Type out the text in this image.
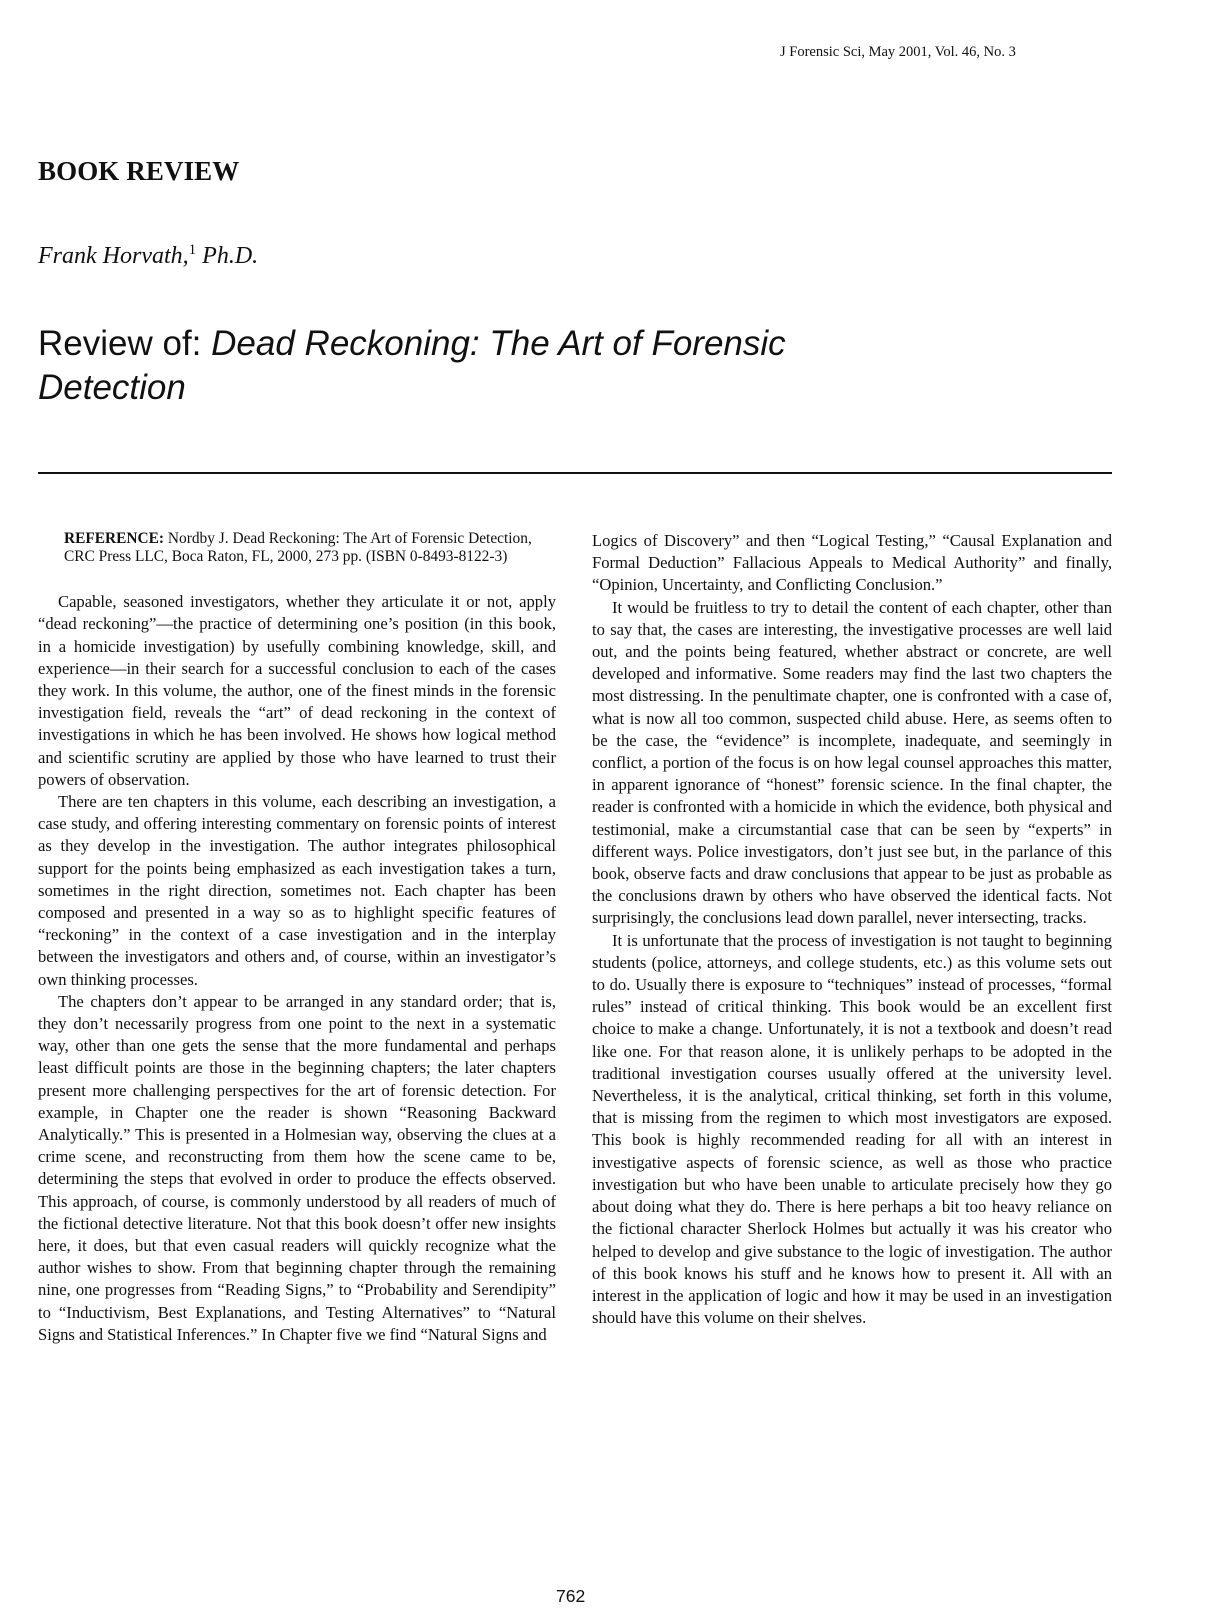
J Forensic Sci, May 2001, Vol. 46, No. 3
BOOK REVIEW

Frank Horvath,$^1$ Ph.D.

Review of: Dead Reckoning: The Art of Forensic
Detection

REFERENCE: Nordby J. Dead Reckoning: The Art of Forensic Detection, CRC Press LLC, Boca Raton, FL, 2000, 273 pp. (ISBN 0-8493-8122-3)

Capable, seasoned investigators, whether they articulate it or not, apply “dead reckoning”—the practice of determining one’s position (in this book, in a homicide investigation) by usefully combining knowledge, skill, and experience—in their search for a successful conclusion to each of the cases they work. In this volume, the author, one of the finest minds in the forensic investigation field, reveals the “art” of dead reckoning in the context of investigations in which he has been involved. He shows how logical method and scientific scrutiny are applied by those who have learned to trust their powers of observation.

There are ten chapters in this volume, each describing an investigation, a case study, and offering interesting commentary on forensic points of interest as they develop in the investigation. The author integrates philosophical support for the points being emphasized as each investigation takes a turn, sometimes in the right direction, sometimes not. Each chapter has been composed and presented in a way so as to highlight specific features of “reckoning” in the context of a case investigation and in the interplay between the investigators and others and, of course, within an investigator’s own thinking processes.

The chapters don’t appear to be arranged in any standard order; that is, they don’t necessarily progress from one point to the next in a systematic way, other than one gets the sense that the more fundamental and perhaps least difficult points are those in the beginning chapters; the later chapters present more challenging perspectives for the art of forensic detection. For example, in Chapter one the reader is shown “Reasoning Backward Analytically.” This is presented in a Holmesian way, observing the clues at a crime scene, and reconstructing from them how the scene came to be, determining the steps that evolved in order to produce the effects observed. This approach, of course, is commonly understood by all readers of much of the fictional detective literature. Not that this book doesn’t offer new insights here, it does, but that even casual readers will quickly recognize what the author wishes to show. From that beginning chapter through the remaining nine, one progresses from “Reading Signs,” to “Probability and Serendipity” to “Inductivism, Best Explanations, and Testing Alternatives” to “Natural Signs and Statistical Inferences.” In Chapter five we find “Natural Signs and

Logics of Discovery” and then “Logical Testing,” “Causal Explanation and Formal Deduction” Fallacious Appeals to Medical Authority” and finally, “Opinion, Uncertainty, and Conflicting Conclusion.”

It would be fruitless to try to detail the content of each chapter, other than to say that, the cases are interesting, the investigative processes are well laid out, and the points being featured, whether abstract or concrete, are well developed and informative. Some readers may find the last two chapters the most distressing. In the penultimate chapter, one is confronted with a case of, what is now all too common, suspected child abuse. Here, as seems often to be the case, the “evidence” is incomplete, inadequate, and seemingly in conflict, a portion of the focus is on how legal counsel approaches this matter, in apparent ignorance of “honest” forensic science. In the final chapter, the reader is confronted with a homicide in which the evidence, both physical and testimonial, make a circumstantial case that can be seen by “experts” in different ways. Police investigators, don’t just see but, in the parlance of this book, observe facts and draw conclusions that appear to be just as probable as the conclusions drawn by others who have observed the identical facts. Not surprisingly, the conclusions lead down parallel, never intersecting, tracks.

It is unfortunate that the process of investigation is not taught to beginning students (police, attorneys, and college students, etc.) as this volume sets out to do. Usually there is exposure to “techniques” instead of processes, “formal rules” instead of critical thinking. This book would be an excellent first choice to make a change. Unfortunately, it is not a textbook and doesn’t read like one. For that reason alone, it is unlikely perhaps to be adopted in the traditional investigation courses usually offered at the university level. Nevertheless, it is the analytical, critical thinking, set forth in this volume, that is missing from the regimen to which most investigators are exposed. This book is highly recommended reading for all with an interest in investigative aspects of forensic science, as well as those who practice investigation but who have been unable to articulate precisely how they go about doing what they do. There is here perhaps a bit too heavy reliance on the fictional character Sherlock Holmes but actually it was his creator who helped to develop and give substance to the logic of investigation. The author of this book knows his stuff and he knows how to present it. All with an interest in the application of logic and how it may be used in an investigation should have this volume on their shelves.

762
